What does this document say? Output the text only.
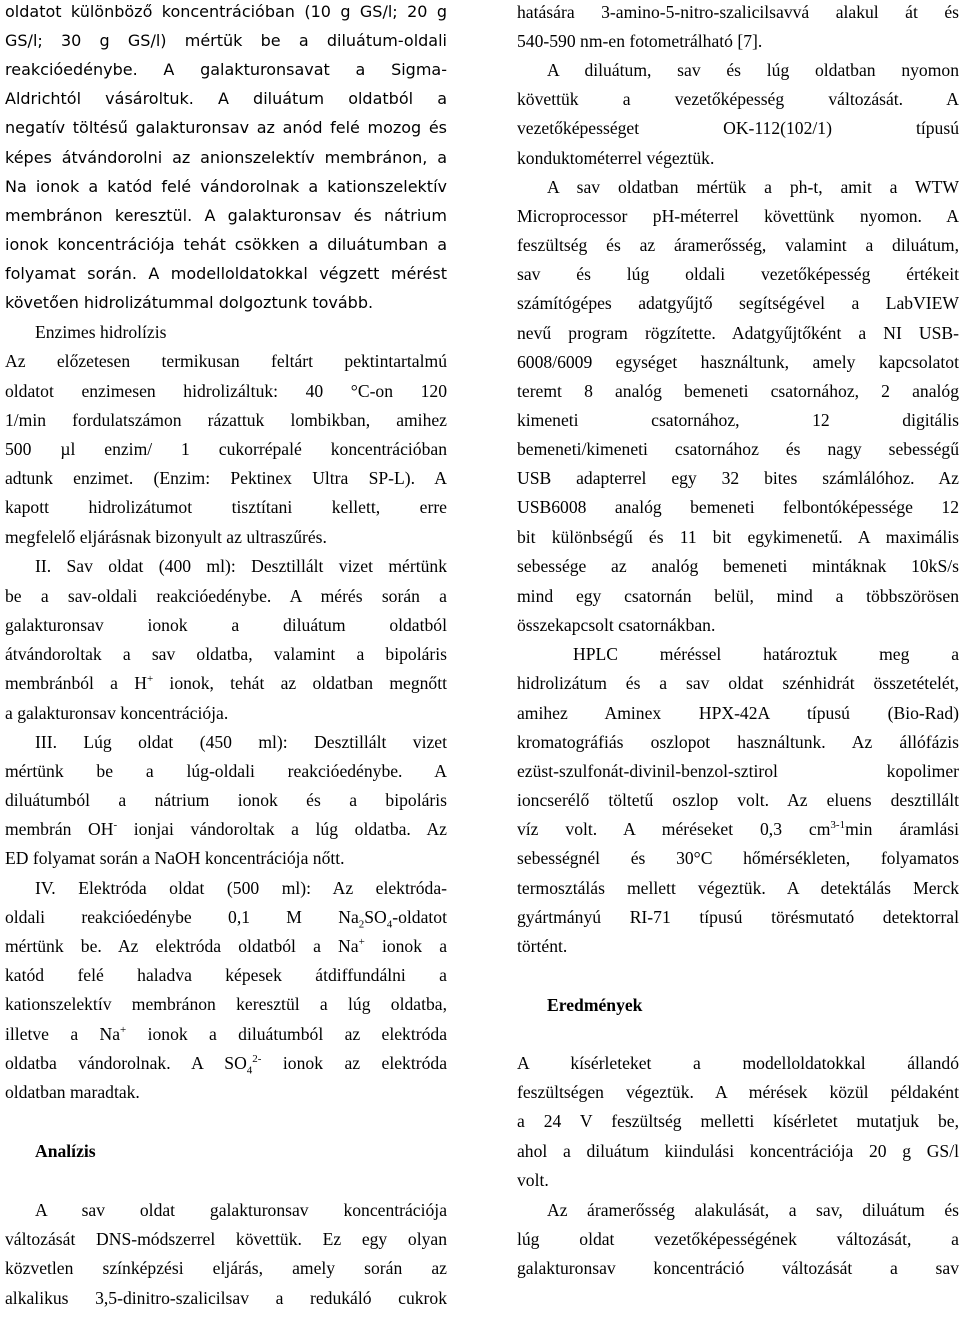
oldatot különböző koncentrációban (10 g GS/l; 20 g
GS/l; 30 g GS/l) mértük be a diluátum-oldali
reakcióedénybe. A galakturonsavat a Sigma-
Aldrichtól vásároltuk. A diluátum oldatból a
negatív töltésű galakturonsav az anód felé mozog és
képes átvándorolni az anionszelektív membránon, a
Na ionok a katód felé vándorolnak a kationszelektív
membránon keresztül. A galakturonsav és nátrium
ionok koncentrációja tehát csökken a diluátumban a
folyamat során. A modelloldatokkal végzett mérést
követően hidrolizátummal dolgoztunk tovább.
Enzimes hidrolízis
Az előzetesen termikusan feltárt pektintartalmú
oldatot enzimesen hidrolizáltuk: 40 °C-on 120
1/min fordulatszámon rázattuk lombikban, amihez
500 µl enzim/ 1 cukorrépalé koncentrációban
adtunk enzimet. (Enzim: Pektinex Ultra SP-L). A
kapott hidrolizátumot tisztítani kellett, erre
megfelelő eljárásnak bizonyult az ultraszűrés.
II. Sav oldat (400 ml): Desztillált vizet mértünk
be a sav-oldali reakcióedénybe. A mérés során a
galakturonsav ionok a diluátum oldatból
átvándoroltak a sav oldatba, valamint a bipoláris
membránból a H+ ionok, tehát az oldatban megnőtt
a galakturonsav koncentrációja.
III. Lúg oldat (450 ml): Desztillált vizet
mértünk be a lúg-oldali reakcióedénybe. A
diluátumból a nátrium ionok és a bipoláris
membrán OH- ionjai vándoroltak a lúg oldatba. Az
ED folyamat során a NaOH koncentrációja nőtt.
IV. Elektróda oldat (500 ml): Az elektróda-
oldali reakcióedénybe 0,1 M $Na_2SO_4$-oldatot
mértünk be. Az elektróda oldatból a Na+ ionok a
katód felé haladva képesek átdiffundálni a
kationszelektív membránon keresztül a lúg oldatba,
illetve a Na+ ionok a diluátumból az elektróda
oldatba vándorolnak. A $SO_4^{2-}$ ionok az elektróda
oldatban maradtak.
Analízis
A sav oldat galakturonsav koncentrációja
változását DNS-módszerrel követtük. Ez egy olyan
közvetlen színképzési eljárás, amely során az
alkalikus 3,5-dinitro-szalicilsav a redukáló cukrok
hatására 3-amino-5-nitro-szalicilsavvá alakul át és
540-590 nm-en fotometrálható [7].
A diluátum, sav és lúg oldatban nyomon
követtük a vezetőképesség változását. A
vezetőképességet OK-112(102/1) típusú
konduktométerrel végeztük.
A sav oldatban mértük a ph-t, amit a WTW
Microprocessor pH-méterrel követtünk nyomon. A
feszültség és az áramerősség, valamint a diluátum,
sav és lúg oldali vezetőképesség értékeit
számítógépes adatgyűjtő segítségével a LabVIEW
nevű program rögzítette. Adatgyűjtőként a NI USB-
6008/6009 egységet használtunk, amely kapcsolatot
teremt 8 analóg bemeneti csatornához, 2 analóg
kimeneti csatornához, 12 digitális
bemeneti/kimeneti csatornához és nagy sebességű
USB adapterrel egy 32 bites számlálóhoz. Az
USB6008 analóg bemeneti felbontóképessége 12
bit különbségű és 11 bit egykimenetű. A maximális
sebessége az analóg bemeneti mintáknak 10kS/s
mind egy csatornán belül, mind a többszörösen
összekapcsolt csatornákban.
HPLC méréssel határoztuk meg a
hidrolizátum és a sav oldat szénhidrát összetételét,
amihez Aminex HPX-42A típusú (Bio-Rad)
kromatográfiás oszlopot használtunk. Az állófázis
ezüst-szulfonát-divinil-benzol-sztirol kopolimer
ioncserélő töltetű oszlop volt. Az eluens desztillált
víz volt. A méréseket 0,3 $cm^{3-1}\min$ áramlási
sebességnél és 30°C hőmérsékleten, folyamatos
termosztálás mellett végeztük. A detektálás Merck
gyártmányú RI-71 típusú törésmutató detektorral
történt.
Eredmények
A kísérleteket a modelloldatokkal állandó
feszültségen végeztük. A mérések közül példaként
a 24 V feszültség melletti kísérletet mutatjuk be,
ahol a diluátum kiindulási koncentrációja 20 g GS/l
volt.
Az áramerősség alakulását, a sav, diluátum és
lúg oldat vezetőképességének változását, a
galakturonsav koncentráció változását a sav
